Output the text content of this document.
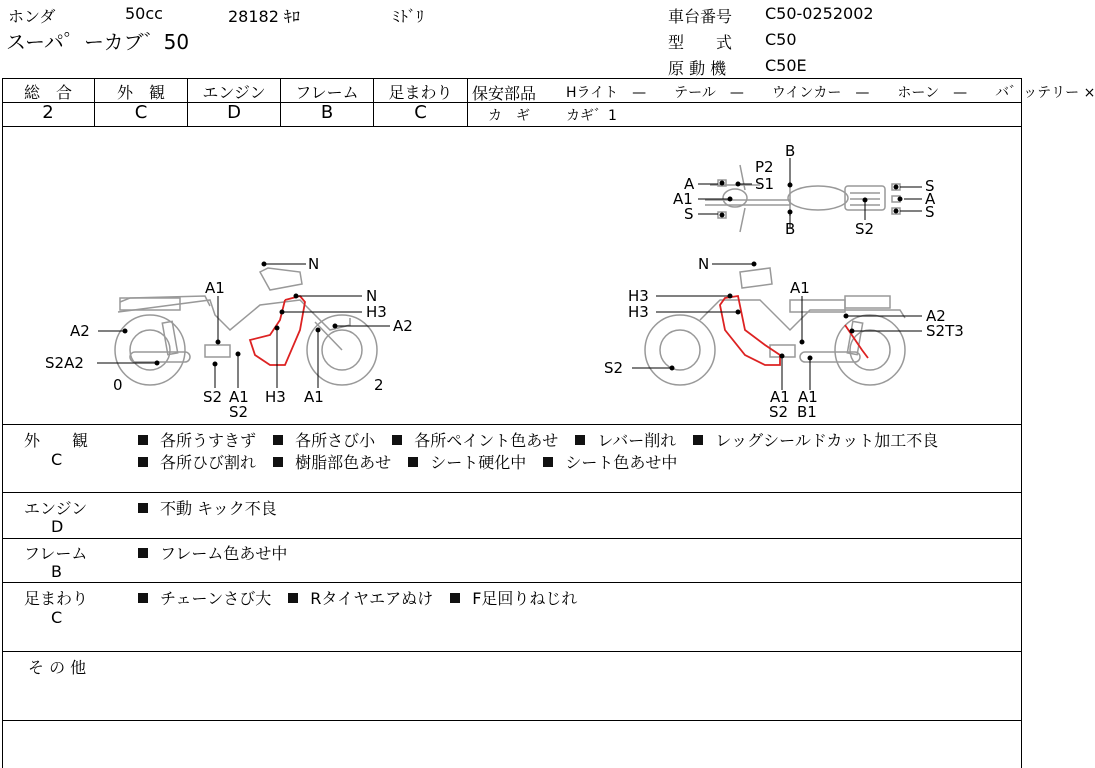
ホンダ	50cc	28182 ｷﾛ	ﾐﾄﾞﾘ
スーパ゜ーカブ゛50
車台番号 C50-0252002
型　　式 C50
原 動 機 C50E
総　合	外　観	エンジン	フレーム	足まわり
2	C	D	B	C
保安部品 Hライト　—　　テール　—　　ウインカー　—　　ホーン　—　　バ゛ッテリー ×
カ　ギ	カギ゛1
B
P2
A	S1
A1
S
B
S
A
S
S2
N
A1	N
H3
A2
A2
S2A2
0
S2 A1
S2
H3 A1
2
N
A1
H3
H3	A2
S2T3
S2
A1 A1
S2 B1
外　　観
C
各所うすきず 各所さび小 各所ペイント色あせ レバー削れ レッグシールドカット加工不良
各所ひび割れ 樹脂部色あせ シート硬化中 シート色あせ中
エンジン
D
不動 キック不良
フレーム
B
フレーム色あせ中
足まわり
C
チェーンさび大 Rタイヤエアぬけ F足回りねじれ
そ の 他
